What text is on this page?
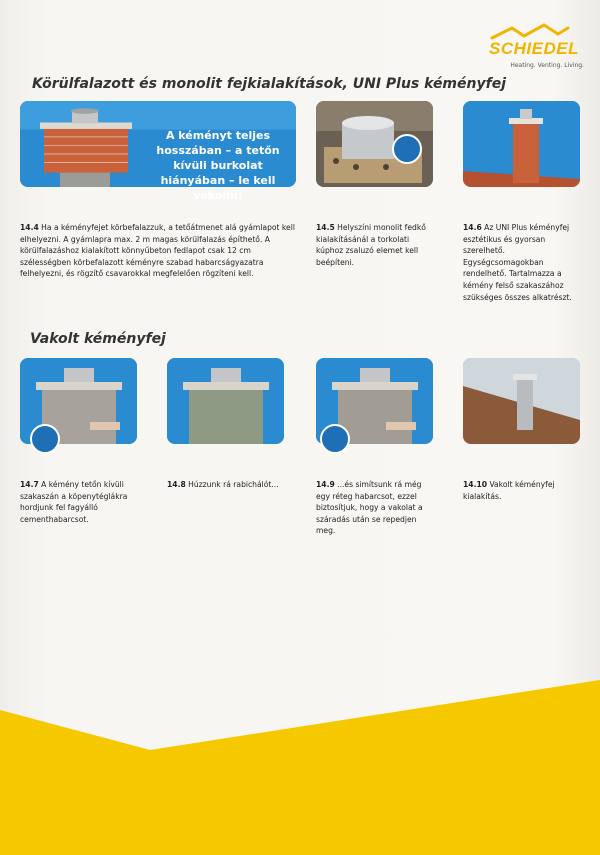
SCHIEDEL
Heating. Venting. Living.
Körülfalazott és monolit fejkialakítások, UNI Plus kéményfej
A kéményt teljes hosszában – a tetőn kívüli burkolat hiányában – le kell vakolni!

14.4 Ha a kéményfejet körbefalazzuk, a tetőátmenet alá gyámlapot kell elhelyezni. A gyámlapra max. 2 m magas körülfalazás építhető. A körülfalazáshoz kialakított könnyűbeton fedlapot csak 12 cm szélességben körbefalazott kéményre szabad habarcságyazatra felhelyezni, és rögzítő csavarokkal megfelelően rögzíteni kell.

14.5 Helyszíni monolit fedkő kialakításánál a torkolati kúphoz zsaluzó elemet kell beépíteni.

14.6 Az UNI Plus kéményfej esztétikus és gyorsan szerelhető. Egységcsomagokban rendelhető. Tartalmazza a kémény felső szakaszához szükséges összes alkatrészt.

Vakolt kéményfej

14.7 A kémény tetőn kívüli szakaszán a köpenytéglákra hordjunk fel fagyálló cementhabarcsot.

14.8 Húzzunk rá rabichálót...	14.9 ...és simítsunk rá még egy réteg habarcsot, ezzel biztosítjuk, hogy a vakolat a száradás után se repedjen meg.

14.10 Vakolt kéményfej kialakítás.
